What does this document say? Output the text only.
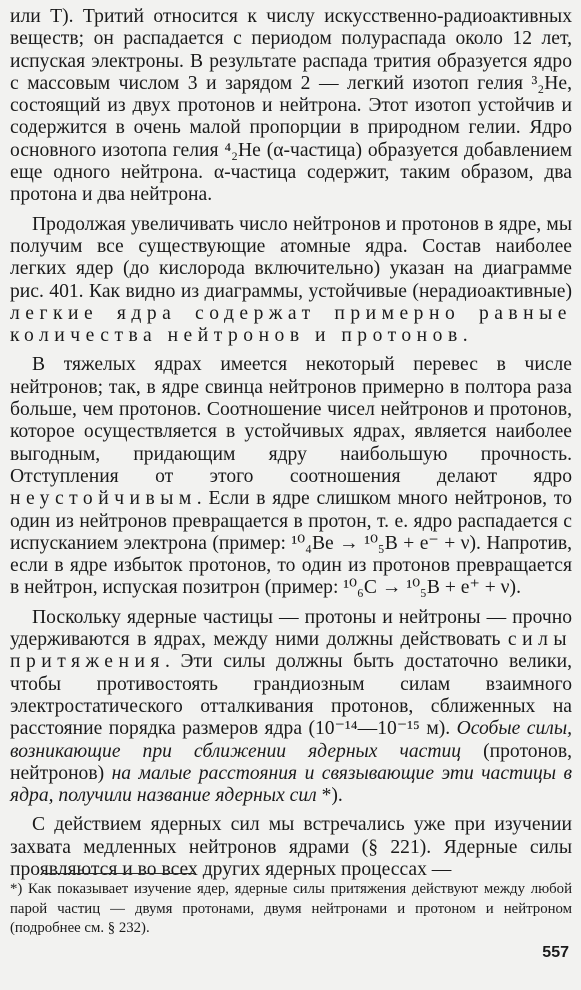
или Т). Тритий относится к числу искусственно-радиоактивных веществ; он распадается с периодом полураспада около 12 лет, испуская электроны. В результате распада трития образуется ядро с массовым числом 3 и зарядом 2 — легкий изотоп гелия ³₂He, состоящий из двух протонов и нейтрона. Этот изотоп устойчив и содержится в очень малой пропорции в природном гелии. Ядро основного изотопа гелия ⁴₂He (α-частица) образуется добавлением еще одного нейтрона. α-частица содержит, таким образом, два протона и два нейтрона.

Продолжая увеличивать число нейтронов и протонов в ядре, мы получим все существующие атомные ядра. Состав наиболее легких ядер (до кислорода включительно) указан на диаграмме рис. 401. Как видно из диаграммы, устойчивые (нерадиоактивные) легкие ядра содержат примерно равные количества нейтронов и протонов.

В тяжелых ядрах имеется некоторый перевес в числе нейтронов; так, в ядре свинца нейтронов примерно в полтора раза больше, чем протонов. Соотношение чисел нейтронов и протонов, которое осуществляется в устойчивых ядрах, является наиболее выгодным, придающим ядру наибольшую прочность. Отступления от этого соотношения делают ядро неустойчивым. Если в ядре слишком много нейтронов, то один из нейтронов превращается в протон, т. е. ядро распадается с испусканием электрона (пример: ¹⁰₄Be → ¹⁰₅B + e⁻ + ν). Напротив, если в ядре избыток протонов, то один из протонов превращается в нейтрон, испуская позитрон (пример: ¹⁰₆C → ¹⁰₅B + e⁺ + ν).

Поскольку ядерные частицы — протоны и нейтроны — прочно удерживаются в ядрах, между ними должны действовать силы притяжения. Эти силы должны быть достаточно велики, чтобы противостоять грандиозным силам взаимного электростатического отталкивания протонов, сближенных на расстояние порядка размеров ядра (10⁻¹⁴—10⁻¹⁵ м). Особые силы, возникающие при сближении ядерных частиц (протонов, нейтронов) на малые расстояния и связывающие эти частицы в ядра, получили название ядерных сил *).

С действием ядерных сил мы встречались уже при изучении захвата медленных нейтронов ядрами (§ 221). Ядерные силы проявляются и во всех других ядерных процессах —

*) Как показывает изучение ядер, ядерные силы притяжения действуют между любой парой частиц — двумя протонами, двумя нейтронами и протоном и нейтроном (подробнее см. § 232).

557
